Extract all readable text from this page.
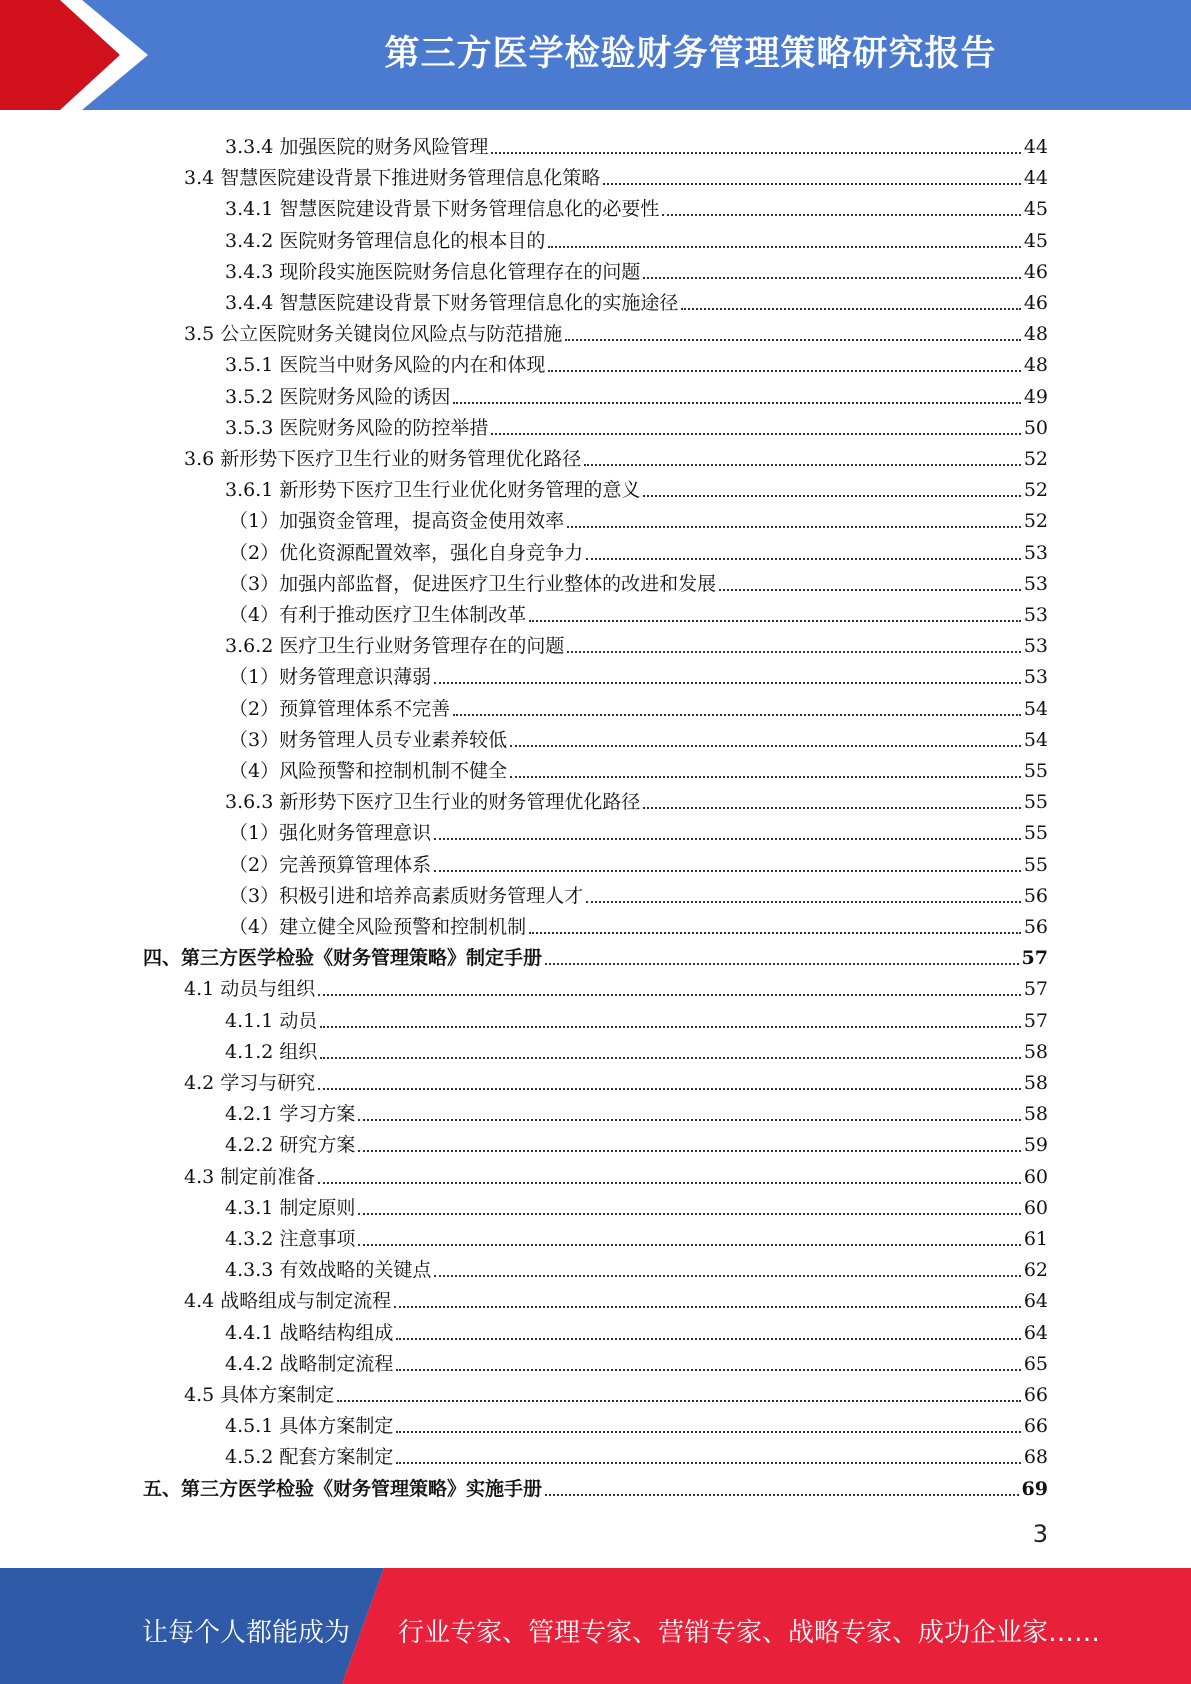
第三方医学检验财务管理策略研究报告
3.3.4 加强医院的财务风险管理	44
3.4 智慧医院建设背景下推进财务管理信息化策略	44
3.4.1 智慧医院建设背景下财务管理信息化的必要性	45
3.4.2 医院财务管理信息化的根本目的	45
3.4.3 现阶段实施医院财务信息化管理存在的问题	46
3.4.4 智慧医院建设背景下财务管理信息化的实施途径	46
3.5 公立医院财务关键岗位风险点与防范措施	48
3.5.1 医院当中财务风险的内在和体现	48
3.5.2 医院财务风险的诱因	49
3.5.3 医院财务风险的防控举措	50
3.6 新形势下医疗卫生行业的财务管理优化路径	52
3.6.1 新形势下医疗卫生行业优化财务管理的意义	52
（1）加强资金管理，提高资金使用效率	52
（2）优化资源配置效率，强化自身竞争力	53
（3）加强内部监督，促进医疗卫生行业整体的改进和发展	53
（4）有利于推动医疗卫生体制改革	53
3.6.2 医疗卫生行业财务管理存在的问题	53
（1）财务管理意识薄弱	53
（2）预算管理体系不完善	54
（3）财务管理人员专业素养较低	54
（4）风险预警和控制机制不健全	55
3.6.3 新形势下医疗卫生行业的财务管理优化路径	55
（1）强化财务管理意识	55
（2）完善预算管理体系	55
（3）积极引进和培养高素质财务管理人才	56
（4）建立健全风险预警和控制机制	56
四、第三方医学检验《财务管理策略》制定手册	57
4.1 动员与组织	57
4.1.1 动员	57
4.1.2 组织	58
4.2 学习与研究	58
4.2.1 学习方案	58
4.2.2 研究方案	59
4.3 制定前准备	60
4.3.1 制定原则	60
4.3.2 注意事项	61
4.3.3 有效战略的关键点	62
4.4 战略组成与制定流程	64
4.4.1 战略结构组成	64
4.4.2 战略制定流程	65
4.5 具体方案制定	66
4.5.1 具体方案制定	66
4.5.2 配套方案制定	68
五、第三方医学检验《财务管理策略》实施手册	69
3
让每个人都能成为 行业专家、管理专家、营销专家、战略专家、成功企业家……
